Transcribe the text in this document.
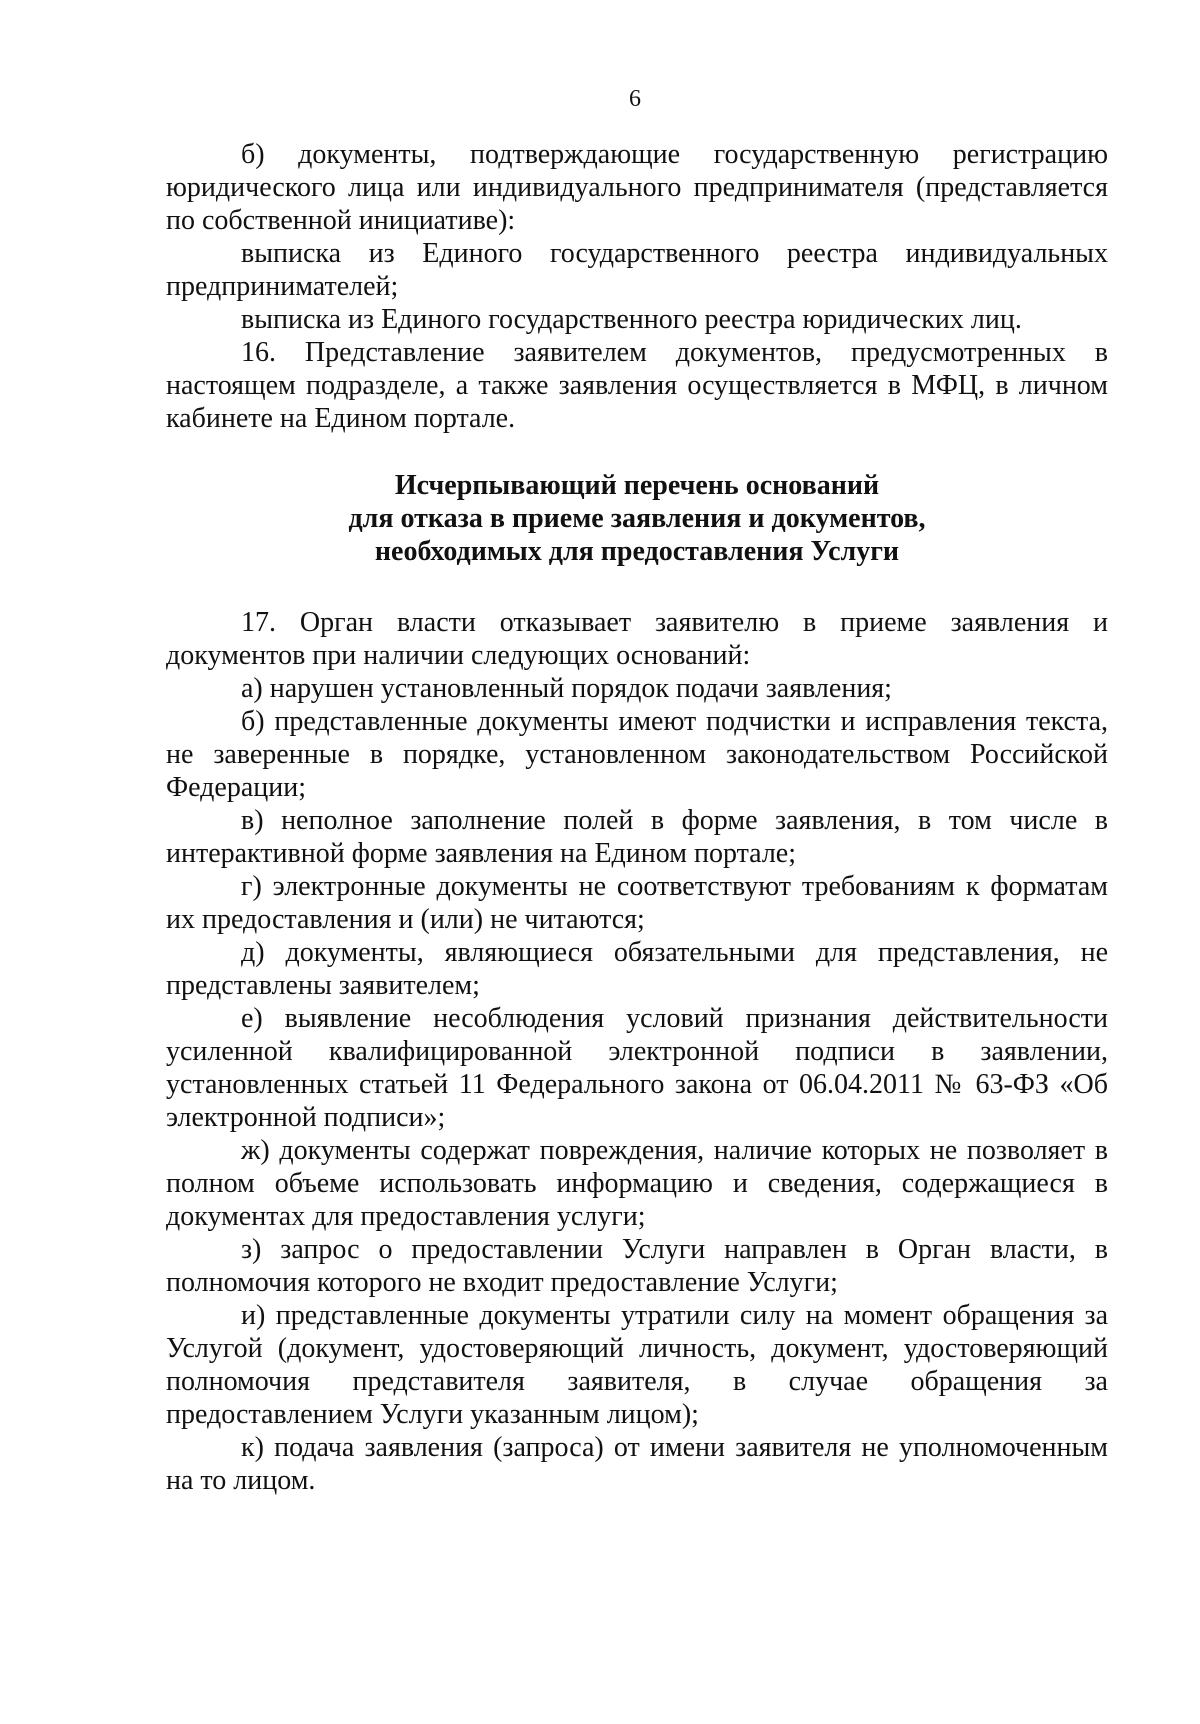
6

б) документы, подтверждающие государственную регистрацию юридического лица или индивидуального предпринимателя (представляется по собственной инициативе):

выписка из Единого государственного реестра индивидуальных предпринимателей;

выписка из Единого государственного реестра юридических лиц.

16. Представление заявителем документов, предусмотренных в настоящем подразделе, а также заявления осуществляется в МФЦ, в личном кабинете на Едином портале.

Исчерпывающий перечень оснований
для отказа в приеме заявления и документов,
необходимых для предоставления Услуги

17. Орган власти отказывает заявителю в приеме заявления и документов при наличии следующих оснований:

а) нарушен установленный порядок подачи заявления;

б) представленные документы имеют подчистки и исправления текста, не заверенные в порядке, установленном законодательством Российской Федерации;

в) неполное заполнение полей в форме заявления, в том числе в интерактивной форме заявления на Едином портале;

г) электронные документы не соответствуют требованиям к форматам их предоставления и (или) не читаются;

д) документы, являющиеся обязательными для представления, не представлены заявителем;

е) выявление несоблюдения условий признания действительности усиленной квалифицированной электронной подписи в заявлении, установленных статьей 11 Федерального закона от 06.04.2011 № 63-ФЗ «Об электронной подписи»;

ж) документы содержат повреждения, наличие которых не позволяет в полном объеме использовать информацию и сведения, содержащиеся в документах для предоставления услуги;

з) запрос о предоставлении Услуги направлен в Орган власти, в полномочия которого не входит предоставление Услуги;

и) представленные документы утратили силу на момент обращения за Услугой (документ, удостоверяющий личность, документ, удостоверяющий полномочия представителя заявителя, в случае обращения за предоставлением Услуги указанным лицом);

к) подача заявления (запроса) от имени заявителя не уполномоченным на то лицом.
